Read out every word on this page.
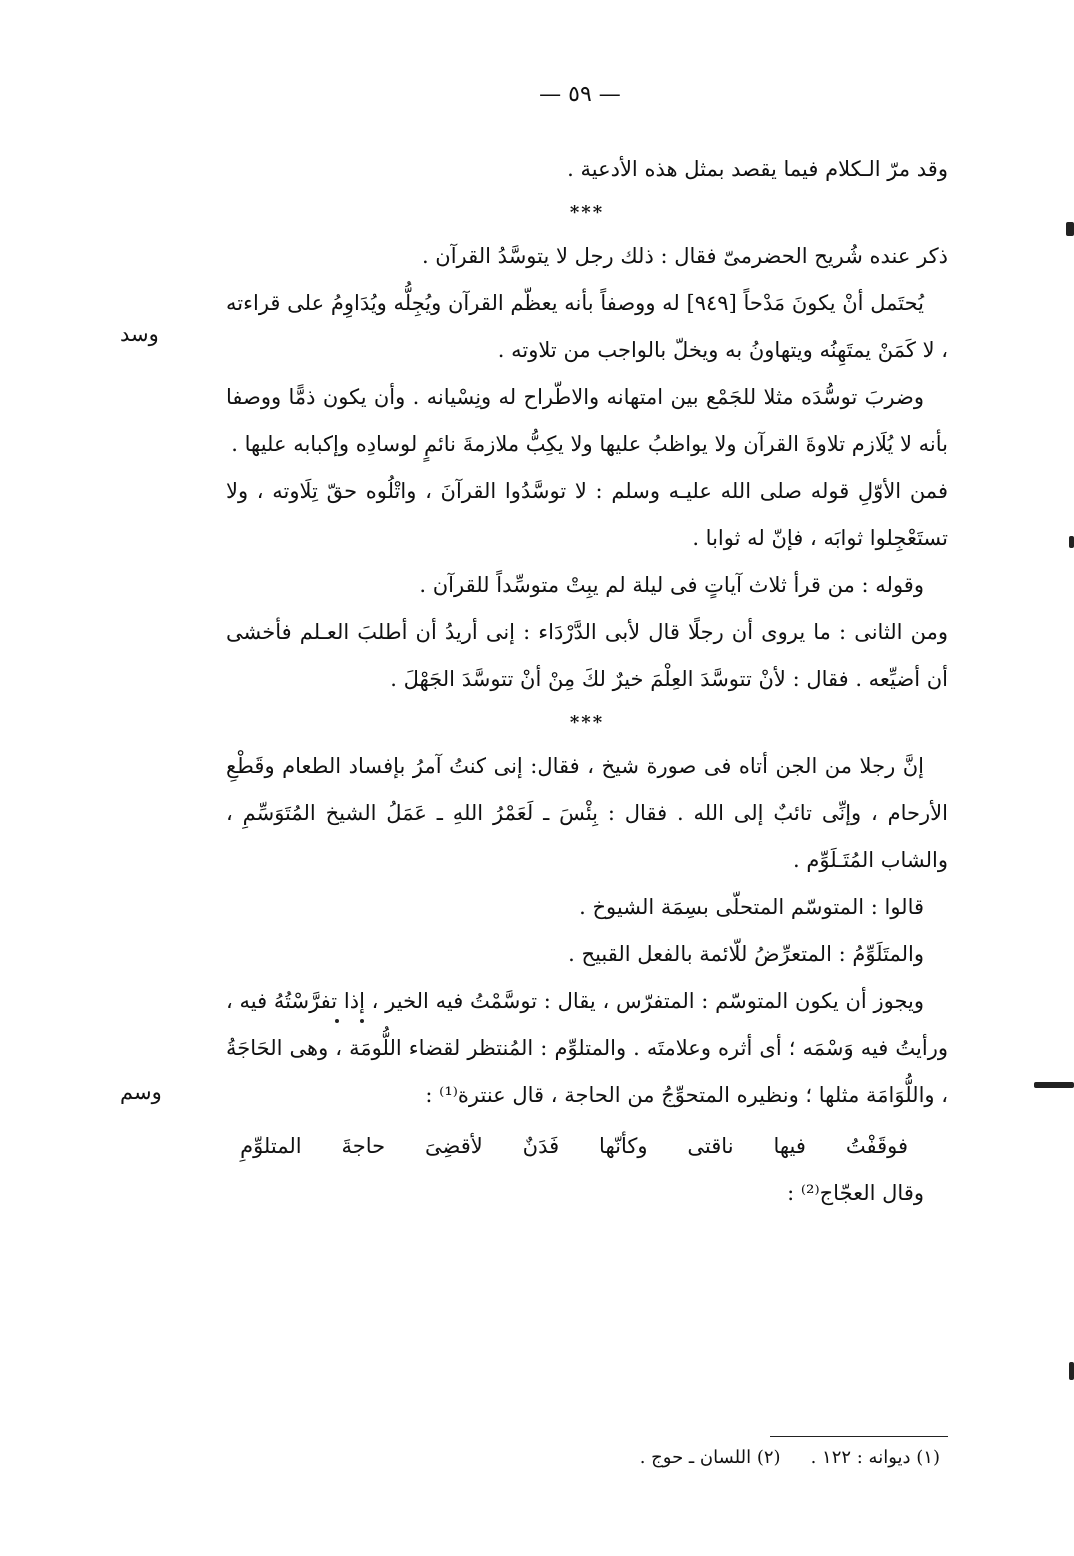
— ٥٩ —
وسد
وسم

وقد مرّ الـكلام فيما يقصد بمثل هذه الأدعية .

***

ذكر عنده شُريح الحضرمىّ فقال : ذلك رجل لا يتوسَّدُ القرآن .

يُحتَمل أنْ يكونَ مَدْحاً [٩٤٩] له ووصفاً بأنه يعظّم القرآن ويُجِلُّه ويُدَاوِمُ على قراءته ، لا كَمَنْ يمتَهِنُه ويتهاونُ به ويخلّ بالواجب من تلاوته .

وضربَ توسُّدَه مثلا للجَمْع بين امتهانه والاطّراح له ونِسْيانه . وأن يكون ذمًّا ووصفا بأنه لا يُلَازم تلاوةَ القرآن ولا يواظبُ عليها ولا يكِبُّ ملازمةَ نائمٍ لوسادِه وإكبابه عليها .

فمن الأوّلِ قوله صلى الله عليـه وسلم : لا توسَّدُوا القرآنَ ، واتْلُوه حقّ تِلَاوته ، ولا تستَعْجِلوا ثوابَه ، فإنّ له ثوابا .

وقوله : من قرأ ثلاث آياتٍ فى ليلة لم يبِتْ متوسِّداً للقرآن .

ومن الثانى : ما يروى أن رجلًا قال لأبى الدَّرْدَاء : إنى أريدُ أن أطلبَ العـلم فأخشى أن أضيِّعه . فقال : لأنْ تتوسَّدَ العِلْمَ خيرٌ لكَ مِنْ أنْ تتوسَّدَ الجَهْلَ .

***

إنَّ رجلا من الجن أتاه فى صورة شيخ ، فقال: إنى كنتُ آمرُ بإفساد الطعام وقَطْعِ الأرحام ، وإنِّى تائبٌ إلى الله . فقال : بِئْسَ ـ لَعَمْرُ اللهِ ـ عَمَلُ الشيخ المُتَوَسِّمِ ، والشاب المُتَـلَوِّم .

قالوا : المتوسّم المتحلّى بسِمَة الشيوخ .

والمتَلَوِّمُ : المتعرِّضُ للّائمة بالفعل القبيح .

ويجوز أن يكون المتوسّم : المتفرّس ، يقال : توسَّمْتُ فيه الخير ، إذا تفرَّسْتُهُ فيه ، ورأيتُ فيه وَسْمَه ؛ أى أثره وعلامتَه . والمتلوِّم : المُنتظر لقضاء اللُّومَة ، وهى الحَاجَةُ ، واللُّوَامَة مثلها ؛ ونظيره المتحوِّجُ من الحاجة ، قال عنترة⁽¹⁾ :

فوقَفْتُ
فيها
ناقتى
وكأنّها
فَدَنٌ
لأقضِىَ
حاجةَ
المتلوِّمِ

وقال العجّاج⁽²⁾ :

(١) ديوانه : ١٢٢ .
(٢) اللسان ـ حوج .
